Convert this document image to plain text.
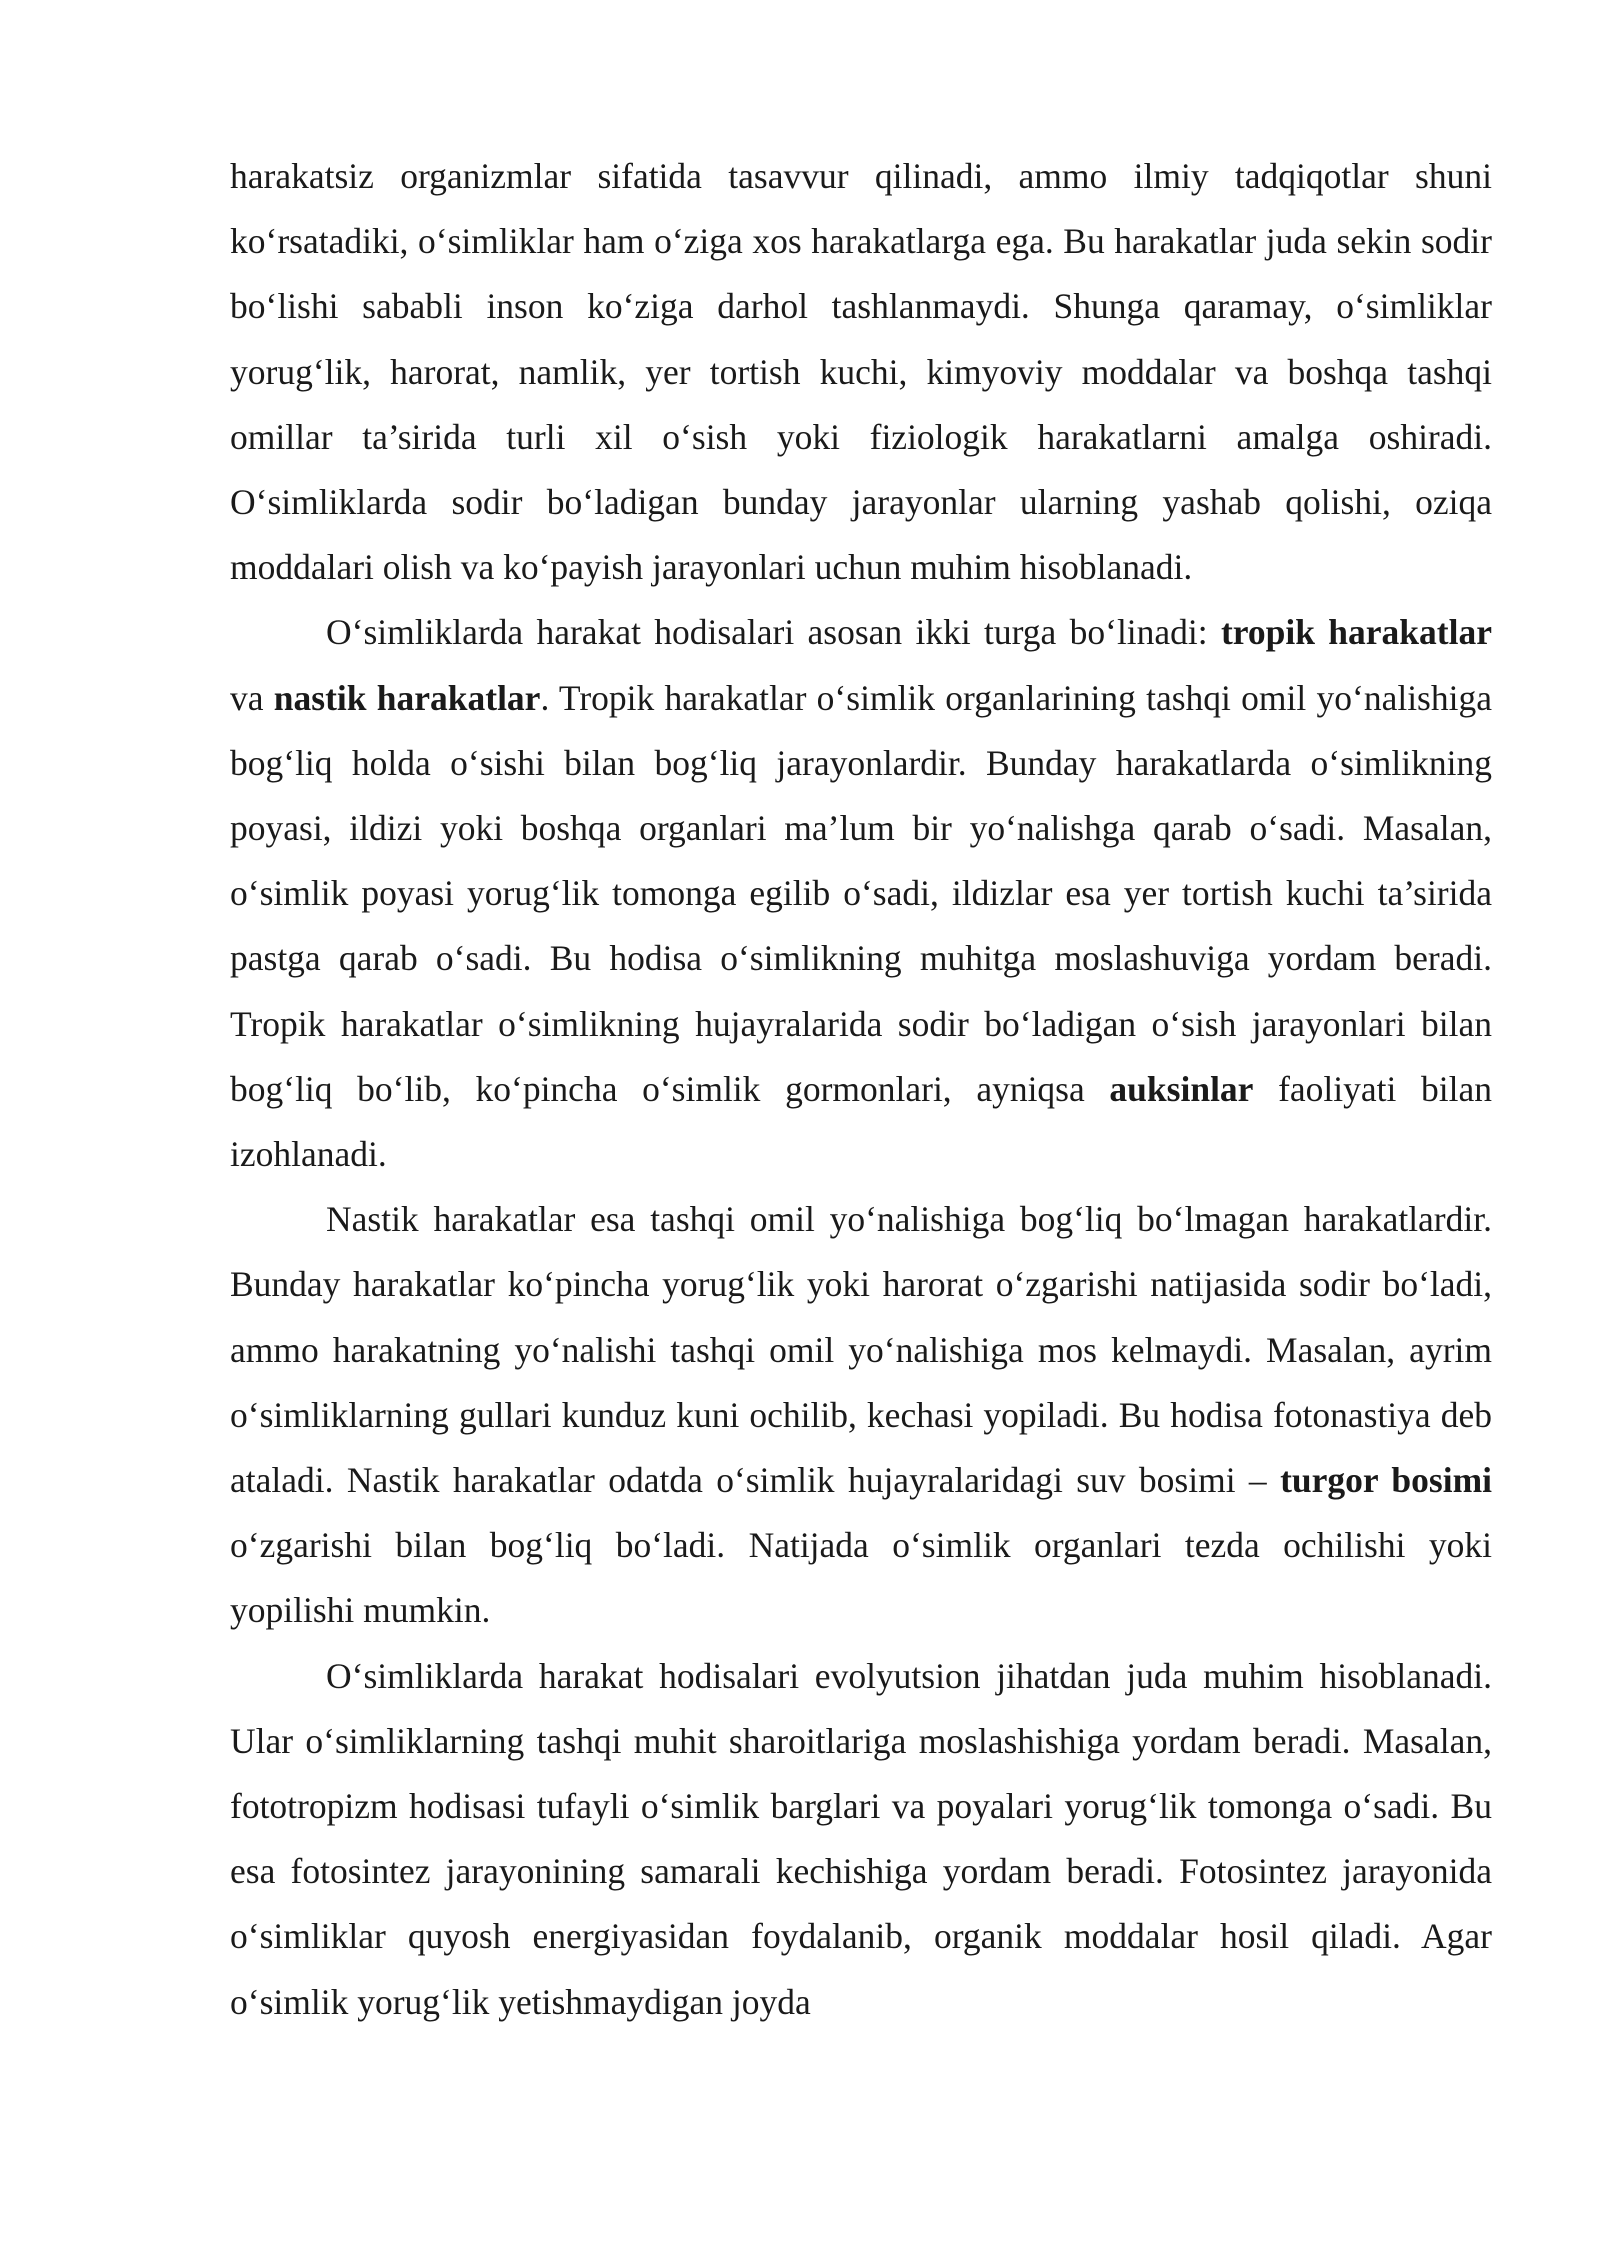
harakatsiz organizmlar sifatida tasavvur qilinadi, ammo ilmiy tadqiqotlar shuni koʻrsatadiki, oʻsimliklar ham oʻziga xos harakatlarga ega. Bu harakatlar juda sekin sodir boʻlishi sababli inson koʻziga darhol tashlanmaydi. Shunga qaramay, oʻsimliklar yorugʻlik, harorat, namlik, yer tortish kuchi, kimyoviy moddalar va boshqa tashqi omillar ta’sirida turli xil oʻsish yoki fiziologik harakatlarni amalga oshiradi. Oʻsimliklarda sodir boʻladigan bunday jarayonlar ularning yashab qolishi, oziqa moddalari olish va koʻpayish jarayonlari uchun muhim hisoblanadi.

Oʻsimliklarda harakat hodisalari asosan ikki turga boʻlinadi: tropik harakatlar va nastik harakatlar. Tropik harakatlar oʻsimlik organlarining tashqi omil yoʻnalishiga bogʻliq holda oʻsishi bilan bogʻliq jarayonlardir. Bunday harakatlarda oʻsimlikning poyasi, ildizi yoki boshqa organlari ma’lum bir yoʻnalishga qarab oʻsadi. Masalan, oʻsimlik poyasi yorugʻlik tomonga egilib oʻsadi, ildizlar esa yer tortish kuchi ta’sirida pastga qarab oʻsadi. Bu hodisa oʻsimlikning muhitga moslashuviga yordam beradi. Tropik harakatlar oʻsimlikning hujayralarida sodir boʻladigan oʻsish jarayonlari bilan bogʻliq boʻlib, koʻpincha oʻsimlik gormonlari, ayniqsa auksinlar faoliyati bilan izohlanadi.

Nastik harakatlar esa tashqi omil yoʻnalishiga bogʻliq boʻlmagan harakatlardir. Bunday harakatlar koʻpincha yorugʻlik yoki harorat oʻzgarishi natijasida sodir boʻladi, ammo harakatning yoʻnalishi tashqi omil yoʻnalishiga mos kelmaydi. Masalan, ayrim oʻsimliklarning gullari kunduz kuni ochilib, kechasi yopiladi. Bu hodisa fotonastiya deb ataladi. Nastik harakatlar odatda oʻsimlik hujayralaridagi suv bosimi – turgor bosimi oʻzgarishi bilan bogʻliq boʻladi. Natijada oʻsimlik organlari tezda ochilishi yoki yopilishi mumkin.

Oʻsimliklarda harakat hodisalari evolyutsion jihatdan juda muhim hisoblanadi. Ular oʻsimliklarning tashqi muhit sharoitlariga moslashishiga yordam beradi. Masalan, fototropizm hodisasi tufayli oʻsimlik barglari va poyalari yorugʻlik tomonga oʻsadi. Bu esa fotosintez jarayonining samarali kechishiga yordam beradi. Fotosintez jarayonida oʻsimliklar quyosh energiyasidan foydalanib, organik moddalar hosil qiladi. Agar oʻsimlik yorugʻlik yetishmaydigan joyda
